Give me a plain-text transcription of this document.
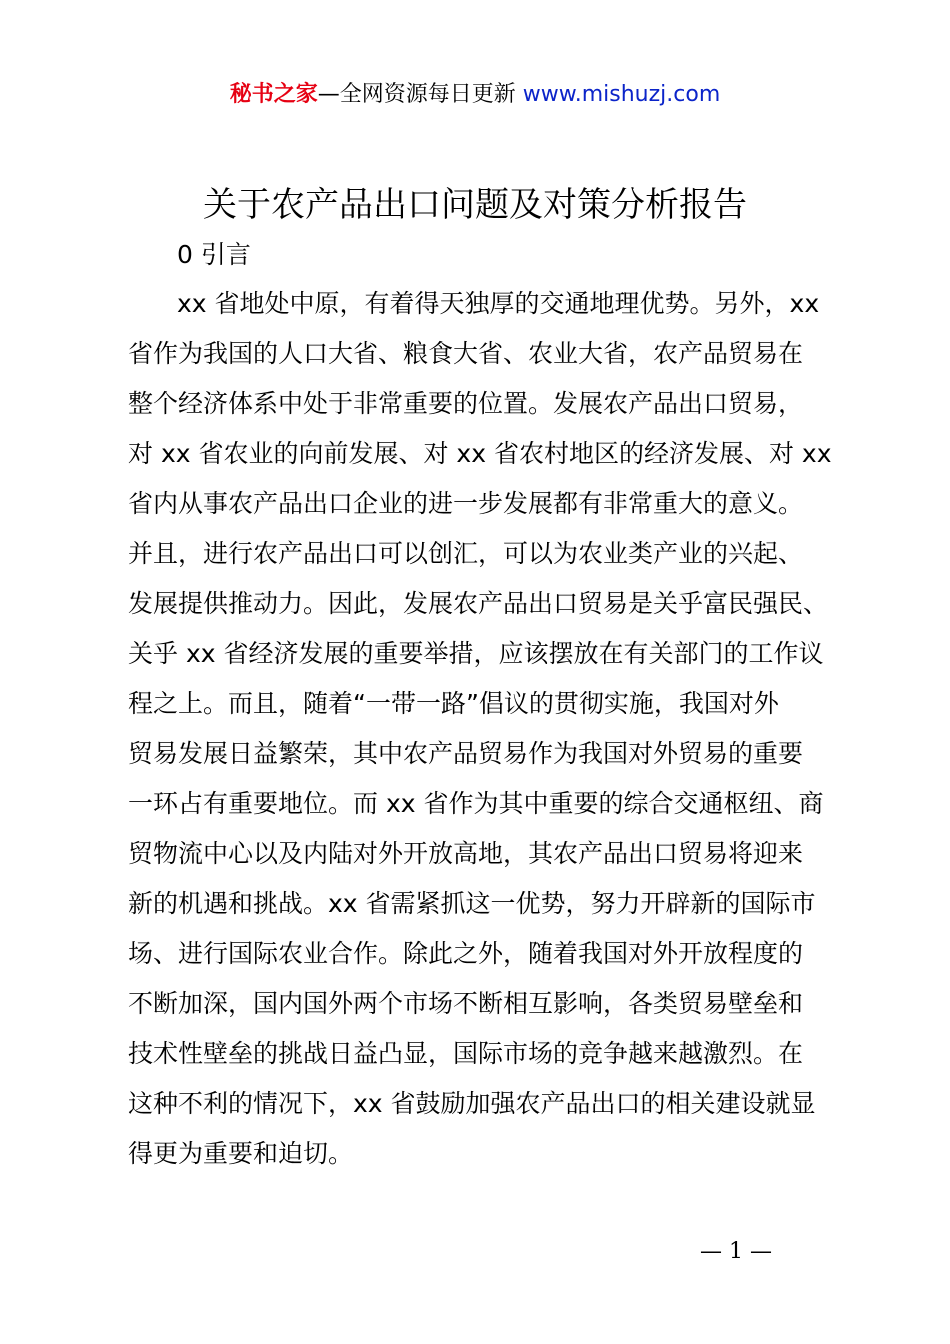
秘书之家—全网资源每日更新 www.mishuzj.com
关于农产品出口问题及对策分析报告
0 引言
xx 省地处中原，有着得天独厚的交通地理优势。另外，xx
省作为我国的人口大省、粮食大省、农业大省，农产品贸易在
整个经济体系中处于非常重要的位置。发展农产品出口贸易，
对 xx 省农业的向前发展、对 xx 省农村地区的经济发展、对 xx
省内从事农产品出口企业的进一步发展都有非常重大的意义。
并且，进行农产品出口可以创汇，可以为农业类产业的兴起、
发展提供推动力。因此，发展农产品出口贸易是关乎富民强民、
关乎 xx 省经济发展的重要举措，应该摆放在有关部门的工作议
程之上。而且，随着“一带一路”倡议的贯彻实施，我国对外
贸易发展日益繁荣，其中农产品贸易作为我国对外贸易的重要
一环占有重要地位。而 xx 省作为其中重要的综合交通枢纽、商
贸物流中心以及内陆对外开放高地，其农产品出口贸易将迎来
新的机遇和挑战。xx 省需紧抓这一优势，努力开辟新的国际市
场、进行国际农业合作。除此之外，随着我国对外开放程度的
不断加深，国内国外两个市场不断相互影响，各类贸易壁垒和
技术性壁垒的挑战日益凸显，国际市场的竞争越来越激烈。在
这种不利的情况下，xx 省鼓励加强农产品出口的相关建设就显
得更为重要和迫切。
— 1 —
